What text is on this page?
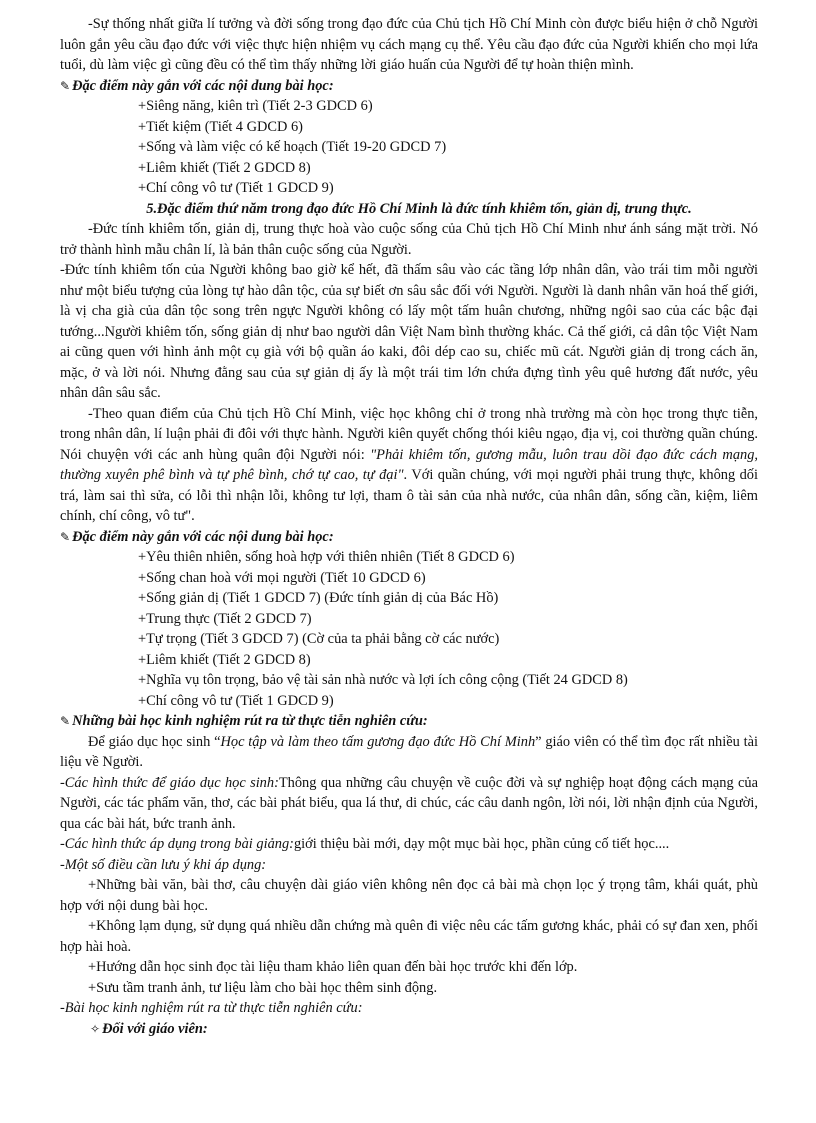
-Sự thống nhất giữa lí tưởng và đời sống trong đạo đức của Chủ tịch Hồ Chí Minh còn được biểu hiện ở chỗ Người luôn gắn yêu cầu đạo đức với việc thực hiện nhiệm vụ cách mạng cụ thể. Yêu cầu đạo đức của Người khiến cho mọi lứa tuổi, dù làm việc gì cũng đều có thể tìm thấy những lời giáo huấn của Người để tự hoàn thiện mình.

✎ Đặc điểm này gắn với các nội dung bài học:

+Siêng năng, kiên trì (Tiết 2-3 GDCD 6)

+Tiết kiệm (Tiết 4 GDCD 6)

+Sống và làm việc có kế hoạch (Tiết 19-20 GDCD 7)

+Liêm khiết (Tiết 2 GDCD 8)

+Chí công vô tư (Tiết 1 GDCD 9)

5.Đặc điểm thứ năm trong đạo đức Hồ Chí Minh là đức tính khiêm tốn, giản dị, trung thực.

-Đức tính khiêm tốn, giản dị, trung thực hoà vào cuộc sống của Chủ tịch Hồ Chí Minh như ánh sáng mặt trời. Nó trở thành hình mẫu chân lí, là bản thân cuộc sống của Người.

-Đức tính khiêm tốn của Người không bao giờ kể hết, đã thấm sâu vào các tầng lớp nhân dân, vào trái tim mỗi người như một biểu tượng của lòng tự hào dân tộc, của sự biết ơn sâu sắc đối với Người. Người là danh nhân văn hoá thế giới, là vị cha già của dân tộc song trên ngực Người không có lấy một tấm huân chương, những ngôi sao của các bậc đại tướng...Người khiêm tốn, sống giản dị như bao người dân Việt Nam bình thường khác. Cả thế giới, cả dân tộc Việt Nam ai cũng quen với hình ảnh một cụ già với bộ quần áo kaki, đôi dép cao su, chiếc mũ cát. Người giản dị trong cách ăn, mặc, ở và lời nói. Nhưng đằng sau của sự giản dị ấy là một trái tim lớn chứa đựng tình yêu quê hương đất nước, yêu nhân dân sâu sắc.

-Theo quan điểm của Chủ tịch Hồ Chí Minh, việc học không chỉ ở trong nhà trường mà còn học trong thực tiễn, trong nhân dân, lí luận phải đi đôi với thực hành. Người kiên quyết chống thói kiêu ngạo, địa vị, coi thường quần chúng. Nói chuyện với các anh hùng quân đội Người nói: "Phải khiêm tốn, gương mẫu, luôn trau dồi đạo đức cách mạng, thường xuyên phê bình và tự phê bình, chớ tự cao, tự đại". Với quần chúng, với mọi người phải trung thực, không dối trá, làm sai thì sửa, có lỗi thì nhận lỗi, không tư lợi, tham ô tài sản của nhà nước, của nhân dân, sống cần, kiệm, liêm chính, chí công, vô tư".

✎ Đặc điểm này gắn với các nội dung bài học:

+Yêu thiên nhiên, sống hoà hợp với thiên nhiên (Tiết 8 GDCD 6)

+Sống chan hoà với mọi người (Tiết 10 GDCD 6)

+Sống giản dị (Tiết 1 GDCD 7) (Đức tính giản dị của Bác Hồ)

+Trung thực (Tiết 2 GDCD 7)

+Tự trọng (Tiết 3 GDCD 7) (Cờ của ta phải bằng cờ các nước)

+Liêm khiết (Tiết 2 GDCD 8)

+Nghĩa vụ tôn trọng, bảo vệ tài sản nhà nước và lợi ích công cộng (Tiết 24 GDCD 8)

+Chí công vô tư (Tiết 1 GDCD 9)

✎ Những bài học kinh nghiệm rút ra từ thực tiễn nghiên cứu:

Để giáo dục học sinh “Học tập và làm theo tấm gương đạo đức Hồ Chí Minh” giáo viên có thể tìm đọc rất nhiều tài liệu về Người.

-Các hình thức để giáo dục học sinh:Thông qua những câu chuyện về cuộc đời và sự nghiệp hoạt động cách mạng của Người, các tác phẩm văn, thơ, các bài phát biểu, qua lá thư, di chúc, các câu danh ngôn, lời nói, lời nhận định của Người, qua các bài hát, bức tranh ảnh.

-Các hình thức áp dụng trong bài giảng:giới thiệu bài mới, dạy một mục bài học, phần củng cố tiết học....

-Một số điều cần lưu ý khi áp dụng:

+Những bài văn, bài thơ, câu chuyện dài giáo viên không nên đọc cả bài mà chọn lọc ý trọng tâm, khái quát, phù hợp với nội dung bài học.

+Không lạm dụng, sử dụng quá nhiều dẫn chứng mà quên đi việc nêu các tấm gương khác, phải có sự đan xen, phối hợp hài hoà.

+Hướng dẫn học sinh đọc tài liệu tham khảo liên quan đến bài học trước khi đến lớp.

+Sưu tầm tranh ảnh, tư liệu làm cho bài học thêm sinh động.

-Bài học kinh nghiệm rút ra từ thực tiễn nghiên cứu:

✧ Đối với giáo viên:
